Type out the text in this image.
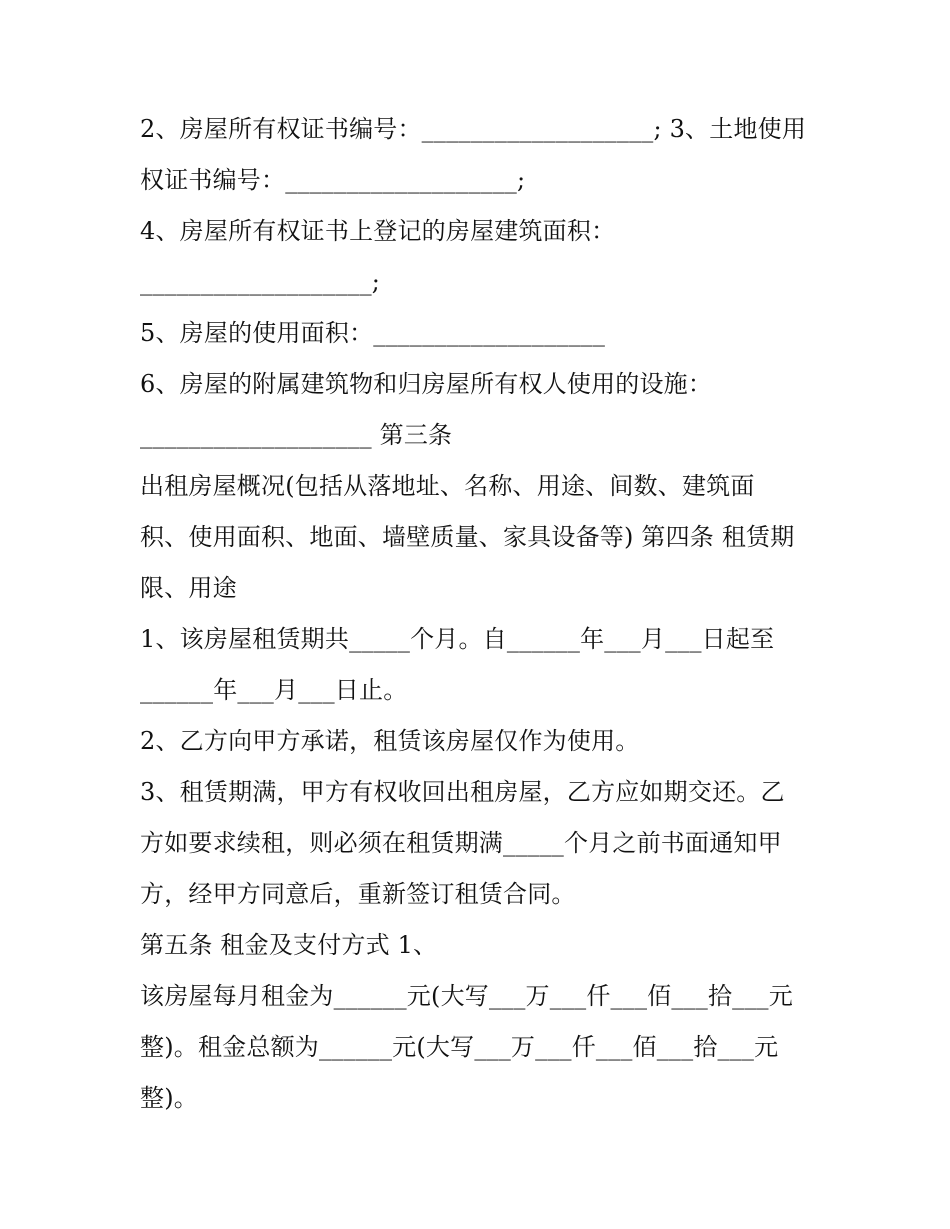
2、房屋所有权证书编号：___________________; 3、土地使用
权证书编号：___________________;
4、房屋所有权证书上登记的房屋建筑面积：
___________________;
5、房屋的使用面积：___________________
6、房屋的附属建筑物和归房屋所有权人使用的设施：
___________________ 第三条
出租房屋概况(包括从落地址、名称、用途、间数、建筑面
积、使用面积、地面、墙壁质量、家具设备等) 第四条 租赁期
限、用途
1、该房屋租赁期共_____个月。自______年___月___日起至
______年___月___日止。
2、乙方向甲方承诺，租赁该房屋仅作为使用。
3、租赁期满，甲方有权收回出租房屋，乙方应如期交还。乙
方如要求续租，则必须在租赁期满_____个月之前书面通知甲
方，经甲方同意后，重新签订租赁合同。
第五条 租金及支付方式 1、
该房屋每月租金为______元(大写___万___仟___佰___拾___元
整)。租金总额为______元(大写___万___仟___佰___拾___元
整)。
